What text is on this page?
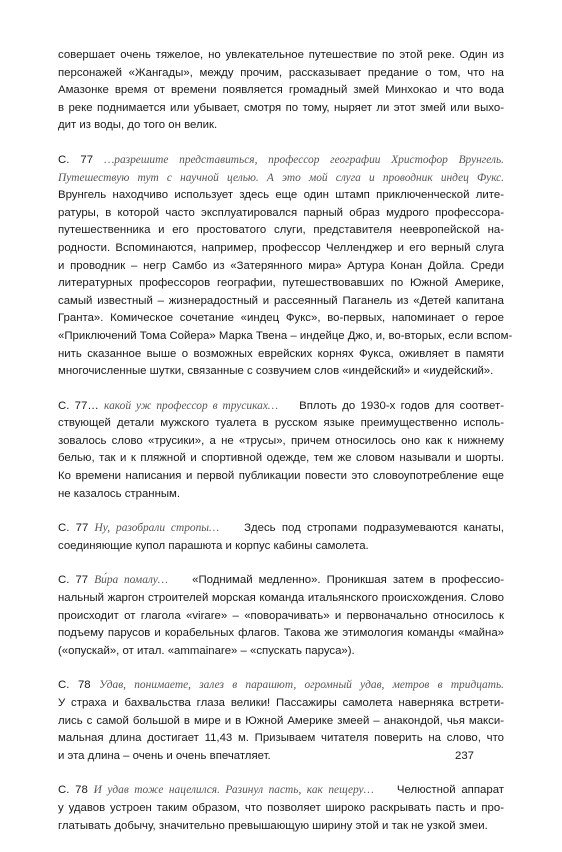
совершает очень тяжелое, но увлекательное путешествие по этой реке. Один из
персонажей «Жангады», между прочим, рассказывает предание о том, что на
Амазонке время от времени появляется громадный змей Минхокао и что вода
в реке поднимается или убывает, смотря по тому, ныряет ли этот змей или выхо-
дит из воды, до того он велик.
С. 77 …разрешите представиться, профессор географии Христофор Врунгель.
Путешествую тут с научной целью. А это мой слуга и проводник индец Фукс.
Врунгель находчиво использует здесь еще один штамп приключенческой лите-
ратуры, в которой часто эксплуатировался парный образ мудрого профессора-
путешественника и его простоватого слуги, представителя неевропейской на-
родности. Вспоминаются, например, профессор Челленджер и его верный слуга
и проводник – негр Самбо из «Затерянного мира» Артура Конан Дойла. Среди
литературных профессоров географии, путешествовавших по Южной Америке,
самый известный – жизнерадостный и рассеянный Паганель из «Детей капитана
Гранта». Комическое сочетание «индец Фукс», во-первых, напоминает о герое
«Приключений Тома Сойера» Марка Твена – индейце Джо, и, во-вторых, если вспом-
нить сказанное выше о возможных еврейских корнях Фукса, оживляет в памяти
многочисленные шутки, связанные с созвучием слов «индейский» и «иудейский».
С. 77… какой уж профессор в трусиках… Вплоть до 1930-х годов для соответ-
ствующей детали мужского туалета в русском языке преимущественно исполь-
зовалось слово «трусики», а не «трусы», причем относилось оно как к нижнему
белью, так и к пляжной и спортивной одежде, тем же словом называли и шорты.
Ко времени написания и первой публикации повести это словоупотребление еще
не казалось странным.
С. 77 Ну, разобрали стропы… Здесь под стропами подразумеваются канаты,
соединяющие купол парашюта и корпус кабины самолета.
С. 77 Ви́ра помалу… «Поднимай медленно». Проникшая затем в профессио-
нальный жаргон строителей морская команда итальянского происхождения. Слово
происходит от глагола «virare» – «поворачивать» и первоначально относилось к
подъему парусов и корабельных флагов. Такова же этимология команды «майна»
(«опускай», от итал. «ammainare» – «спускать паруса»).
С. 78 Удав, понимаете, залез в парашют, огромный удав, метров в тридцать.
У страха и бахвальства глаза велики! Пассажиры самолета наверняка встрети-
лись с самой большой в мире и в Южной Америке змеей – анакондой, чья макси-
мальная длина достигает 11,43 м. Призываем читателя поверить на слово, что
и эта длина – очень и очень впечатляет.
С. 78 И удав тоже нацелился. Разинул пасть, как пещеру… Челюстной аппарат
у удавов устроен таким образом, что позволяет широко раскрывать пасть и про-
глатывать добычу, значительно превышающую ширину этой и так не узкой змеи.
237
